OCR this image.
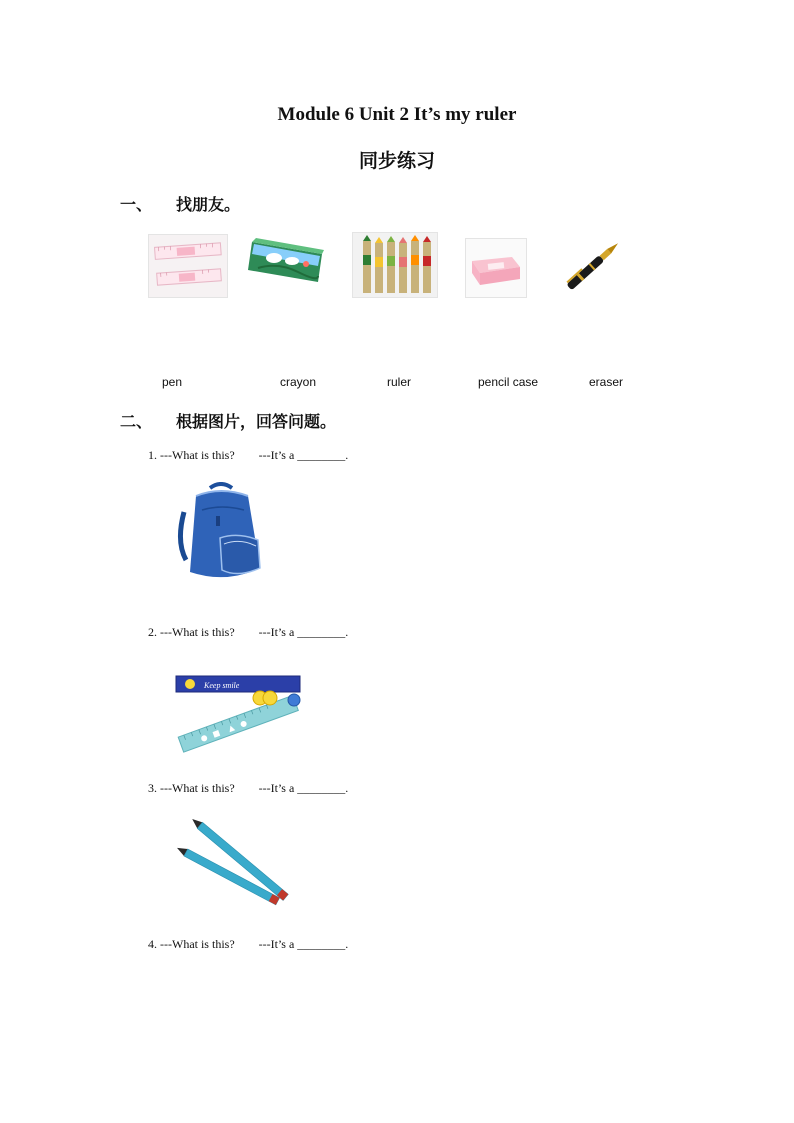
Module 6 Unit 2 It’s my ruler
同步练习
一、 找朋友。
pen	crayon	ruler	pencil case	eraser
二、 根据图片，回答问题。
1. ---What is this? ---It’s a ________.
2. ---What is this? ---It’s a ________.
Keep smile
3. ---What is this? ---It’s a ________.
4. ---What is this? ---It’s a ________.
